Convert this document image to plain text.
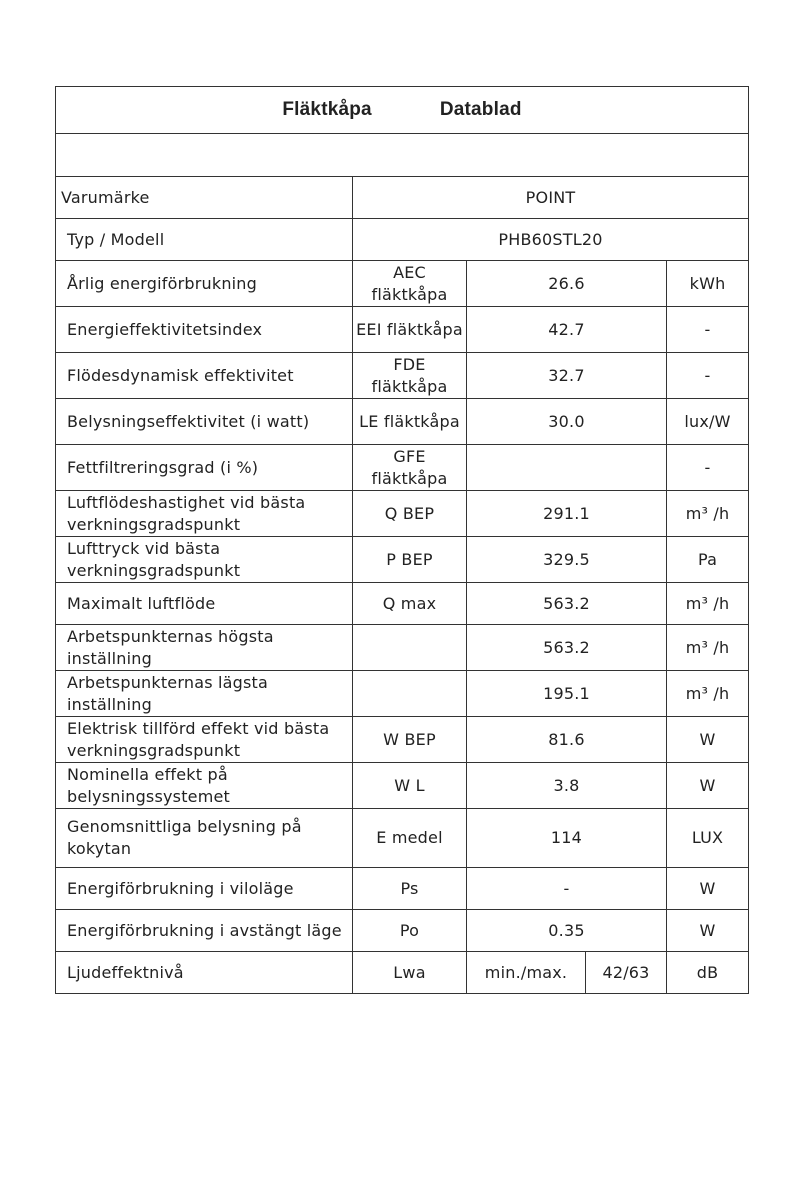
Fläktkåpa Datablad				

Varumärke	POINT			
Typ / Modell	PHB60STL20			
Årlig energiförbrukning	AEC fläktkåpa	26.6		kWh
Energieffektivitetsindex	EEI fläktkåpa	42.7		-
Flödesdynamisk effektivitet	FDE fläktkåpa	32.7		-
Belysningseffektivitet (i watt)	LE fläktkåpa	30.0		lux/W
Fettfiltreringsgrad (i %)	GFE fläktkåpa			-
Luftflödeshastighet vid bästa verkningsgradspunkt	Q BEP	291.1		m³ /h
Lufttryck vid bästa verkningsgradspunkt	P BEP	329.5		Pa
Maximalt luftflöde	Q max	563.2		m³ /h
Arbetspunkternas högsta inställning		563.2		m³ /h
Arbetspunkternas lägsta inställning		195.1		m³ /h
Elektrisk tillförd effekt vid bästa verkningsgradspunkt	W BEP	81.6		W
Nominella effekt på belysningssystemet	W L	3.8		W
Genomsnittliga belysning på kokytan	E medel	114		LUX
Energiförbrukning i viloläge	Ps	-		W
Energiförbrukning i avstängt läge	Po	0.35		W
Ljudeffektnivå	Lwa	min./max.	42/63	dB
